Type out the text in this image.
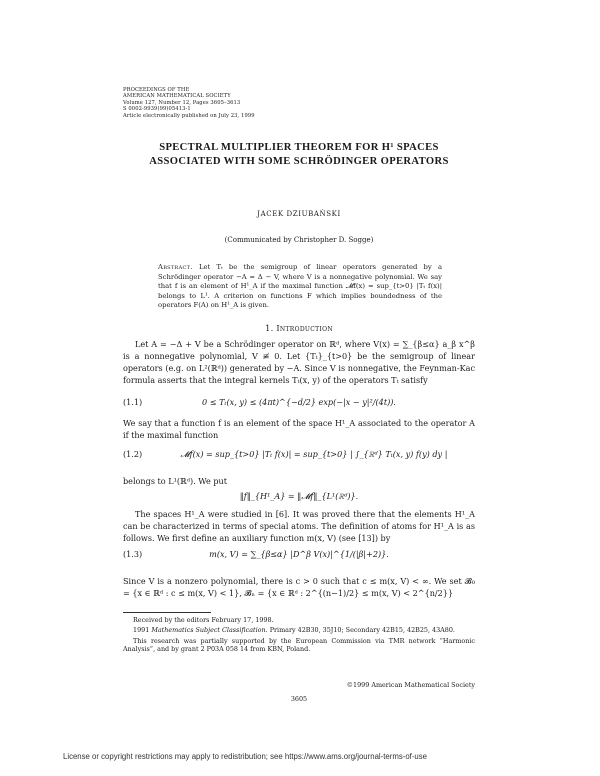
PROCEEDINGS OF THE
AMERICAN MATHEMATICAL SOCIETY
Volume 127, Number 12, Pages 3605–3613
S 0002-9939(99)05413-1
Article electronically published on July 23, 1999
SPECTRAL MULTIPLIER THEOREM FOR H¹ SPACES
ASSOCIATED WITH SOME SCHRÖDINGER OPERATORS
JACEK DZIUBAŃSKI
(Communicated by Christopher D. Sogge)
Abstract. Let Tₜ be the semigroup of linear operators generated by a Schrödinger operator −A = Δ − V, where V is a nonnegative polynomial. We say that f is an element of H¹_A if the maximal function 𝓜f(x) = sup_{t>0} |Tₜ f(x)| belongs to L¹. A criterion on functions F which implies boundedness of the operators F(A) on H¹_A is given.
1. Introduction

Let A = −Δ + V be a Schrödinger operator on ℝᵈ, where V(x) = ∑_{β≤α} a_β x^β is a nonnegative polynomial, V ≢ 0. Let {Tₜ}_{t>0} be the semigroup of linear operators (e.g. on L²(ℝᵈ)) generated by −A. Since V is nonnegative, the Feynman-Kac formula asserts that the integral kernels Tₜ(x, y) of the operators Tₜ satisfy

(1.1)	0 ≤ Tₜ(x, y) ≤ (4πt)^{−d/2} exp(−|x − y|²/(4t)).

We say that a function f is an element of the space H¹_A associated to the operator A if the maximal function

(1.2)	𝓜f(x) = sup_{t>0} |Tₜ f(x)| = sup_{t>0} | ∫_{ℝᵈ} Tₜ(x, y) f(y) dy |

belongs to L¹(ℝᵈ). We put

‖f‖_{H¹_A} = ‖𝓜f‖_{L¹(ℝᵈ)}.

The spaces H¹_A were studied in [6]. It was proved there that the elements H¹_A can be characterized in terms of special atoms. The definition of atoms for H¹_A is as follows. We first define an auxiliary function m(x, V) (see [13]) by

(1.3)	m(x, V) = ∑_{β≤α} |D^β V(x)|^{1/(|β|+2)}.

Since V is a nonzero polynomial, there is c > 0 such that c ≤ m(x, V) < ∞. We set 𝓑₀ = {x ∈ ℝᵈ : c ≤ m(x, V) < 1}, 𝓑ₙ = {x ∈ ℝᵈ : 2^{(n−1)/2} ≤ m(x, V) < 2^{n/2}}

Received by the editors February 17, 1998.

1991 Mathematics Subject Classification. Primary 42B30, 35J10; Secondary 42B15, 42B25, 43A80.

This research was partially supported by the European Commission via TMR network “Harmonic Analysis”, and by grant 2 P03A 058 14 from KBN, Poland.

©1999 American Mathematical Society
3605
License or copyright restrictions may apply to redistribution; see https://www.ams.org/journal-terms-of-use
